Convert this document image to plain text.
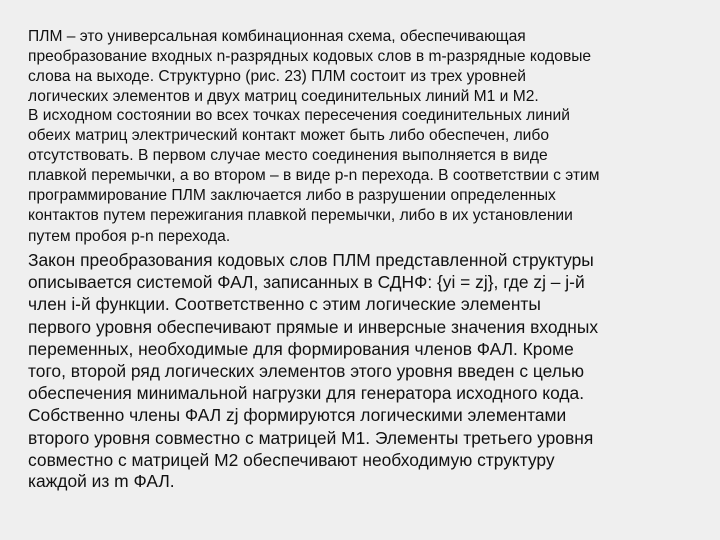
ПЛМ – это универсальная комбинационная схема, обеспечивающая
преобразование входных n-разрядных кодовых слов в m-разрядные кодовые
слова на выходе. Структурно (рис. 23) ПЛМ состоит из трех уровней
логических элементов и двух матриц соединительных линий М1 и М2.

В исходном состоянии во всех точках пересечения соединительных линий
обеих матриц электрический контакт может быть либо обеспечен, либо
отсутствовать. В первом случае место соединения выполняется в виде
плавкой перемычки, а во втором – в виде p-n перехода. В соответствии с этим
программирование ПЛМ заключается либо в разрушении определенных
контактов путем пережигания плавкой перемычки, либо в их установлении
путем пробоя p-n перехода.

Закон преобразования кодовых слов ПЛМ представленной структуры
описывается системой ФАЛ, записанных в СДНФ: {yi = zj}, где zj – j-й
член i-й функции. Соответственно с этим логические элементы
первого уровня обеспечивают прямые и инверсные значения входных
переменных, необходимые для формирования членов ФАЛ. Кроме
того, второй ряд логических элементов этого уровня введен с целью
обеспечения минимальной нагрузки для генератора исходного кода.
Собственно члены ФАЛ zj формируются логическими элементами
второго уровня совместно с матрицей М1. Элементы третьего уровня
совместно с матрицей М2 обеспечивают необходимую структуру

каждой из m ФАЛ.
